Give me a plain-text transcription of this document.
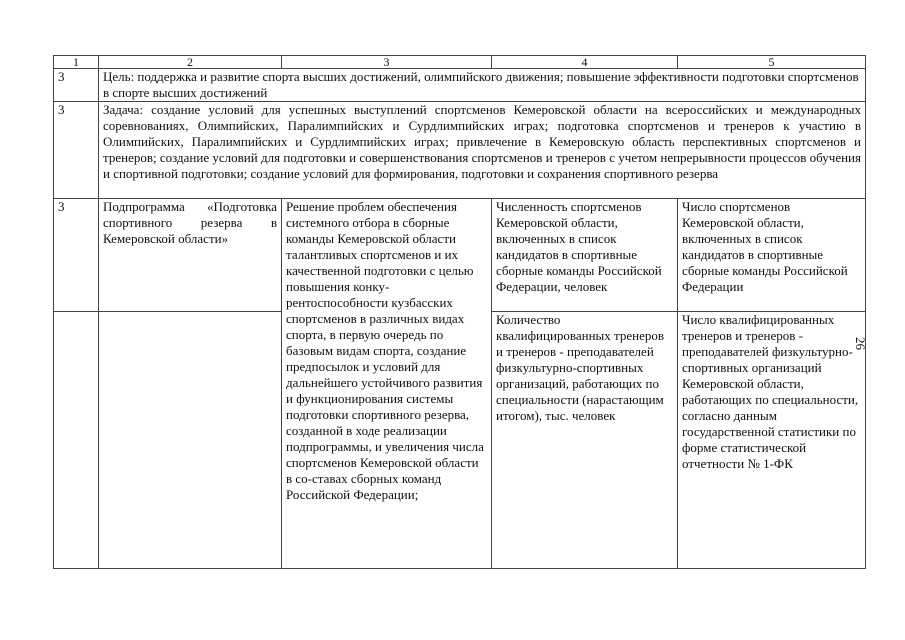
1	2	3	4	5
3	Цель: поддержка и развитие спорта высших достижений, олимпийского движения; повышение эффективности подготовки спортсменов в спорте высших достижений			
3	Задача: создание условий для успешных выступлений спортсменов Кемеровской области на всероссийских и международных соревнованиях, Олимпийских, Паралимпийских и Сурдлимпийских играх; подготовка спортсменов и тренеров к участию в Олимпийских, Паралимпийских и Сурдлимпийских играх; привлечение в Кемеровскую область перспективных спортсменов и тренеров; создание условий для подготовки и совершенствования спортсменов и тренеров с учетом непрерывности процессов обучения и спортивной подготовки; создание условий для формирования, подготовки и сохранения спортивного резерва			
3	Подпрограмма «Подготовка спортивного резерва в Кемеровской области»	Решение проблем обеспечения системного отбора в сборные команды Кемеровской области талантливых спортсменов и их качественной подготовки с целью повышения конку-рентоспособности кузбасских спортсменов в различных видах спорта, в первую очередь по базовым видам спорта, создание предпосылок и условий для дальнейшего устойчивого развития и функционирования системы подготовки спортивного резерва, созданной в ходе реализации подпрограммы, и увеличения числа спортсменов Кемеровской области в со-ставах сборных команд Российской Федерации;	Численность спортсменов Кемеровской области, включенных в список кандидатов в спортивные сборные команды Российской Федерации, человек	Число спортсменов Кемеровской области, включенных в список кандидатов в спортивные сборные команды Российской Федерации
			Количество квалифицированных тренеров и тренеров - преподавателей физкультурно-спортивных организаций, работающих по специальности (нарастающим итогом), тыс. человек	Число квалифицированных тренеров и тренеров - преподавателей физкультурно-спортивных организаций Кемеровской области, работающих по специальности, согласно данным государственной статистики по форме статистической отчетности № 1-ФК
26
